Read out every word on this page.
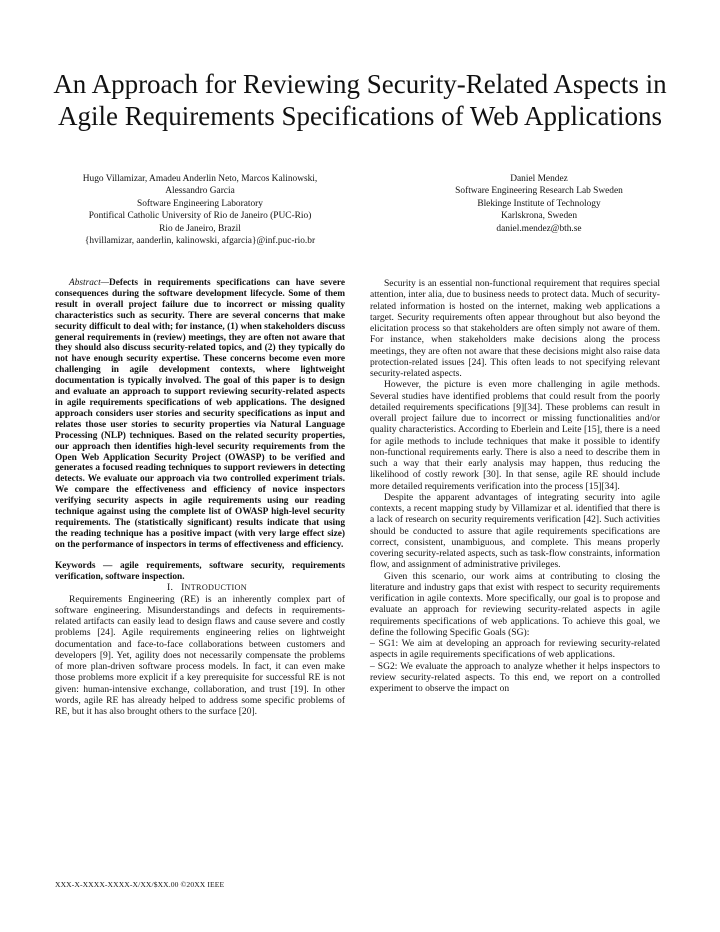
An Approach for Reviewing Security-Related Aspects in Agile Requirements Specifications of Web Applications
Hugo Villamizar, Amadeu Anderlin Neto, Marcos Kalinowski,
Alessandro Garcia
Software Engineering Laboratory
Pontifical Catholic University of Rio de Janeiro (PUC-Rio)
Rio de Janeiro, Brazil
{hvillamizar, aanderlin, kalinowski, afgarcia}@inf.puc-rio.br
Daniel Mendez
Software Engineering Research Lab Sweden
Blekinge Institute of Technology
Karlskrona, Sweden
daniel.mendez@bth.se

Abstract—Defects in requirements specifications can have severe consequences during the software development lifecycle. Some of them result in overall project failure due to incorrect or missing quality characteristics such as security. There are several concerns that make security difficult to deal with; for instance, (1) when stakeholders discuss general requirements in (review) meetings, they are often not aware that they should also discuss security-related topics, and (2) they typically do not have enough security expertise. These concerns become even more challenging in agile development contexts, where lightweight documentation is typically involved. The goal of this paper is to design and evaluate an approach to support reviewing security-related aspects in agile requirements specifications of web applications. The designed approach considers user stories and security specifications as input and relates those user stories to security properties via Natural Language Processing (NLP) techniques. Based on the related security properties, our approach then identifies high-level security requirements from the Open Web Application Security Project (OWASP) to be verified and generates a focused reading techniques to support reviewers in detecting detects. We evaluate our approach via two controlled experiment trials. We compare the effectiveness and efficiency of novice inspectors verifying security aspects in agile requirements using our reading technique against using the complete list of OWASP high-level security requirements. The (statistically significant) results indicate that using the reading technique has a positive impact (with very large effect size) on the performance of inspectors in terms of effectiveness and efficiency.

Keywords — agile requirements, software security, requirements verification, software inspection.

I. INTRODUCTION

Requirements Engineering (RE) is an inherently complex part of software engineering. Misunderstandings and defects in requirements-related artifacts can easily lead to design flaws and cause severe and costly problems [24]. Agile requirements engineering relies on lightweight documentation and face-to-face collaborations between customers and developers [9]. Yet, agility does not necessarily compensate the problems of more plan-driven software process models. In fact, it can even make those problems more explicit if a key prerequisite for successful RE is not given: human-intensive exchange, collaboration, and trust [19]. In other words, agile RE has already helped to address some specific problems of RE, but it has also brought others to the surface [20].

Security is an essential non-functional requirement that requires special attention, inter alia, due to business needs to protect data. Much of security-related information is hosted on the internet, making web applications a target. Security requirements often appear throughout but also beyond the elicitation process so that stakeholders are often simply not aware of them. For instance, when stakeholders make decisions along the process meetings, they are often not aware that these decisions might also raise data protection-related issues [24]. This often leads to not specifying relevant security-related aspects.

However, the picture is even more challenging in agile methods. Several studies have identified problems that could result from the poorly detailed requirements specifications [9][34]. These problems can result in overall project failure due to incorrect or missing functionalities and/or quality characteristics. According to Eberlein and Leite [15], there is a need for agile methods to include techniques that make it possible to identify non-functional requirements early. There is also a need to describe them in such a way that their early analysis may happen, thus reducing the likelihood of costly rework [30]. In that sense, agile RE should include more detailed requirements verification into the process [15][34].

Despite the apparent advantages of integrating security into agile contexts, a recent mapping study by Villamizar et al. identified that there is a lack of research on security requirements verification [42]. Such activities should be conducted to assure that agile requirements specifications are correct, consistent, unambiguous, and complete. This means properly covering security-related aspects, such as task-flow constraints, information flow, and assignment of administrative privileges.

Given this scenario, our work aims at contributing to closing the literature and industry gaps that exist with respect to security requirements verification in agile contexts. More specifically, our goal is to propose and evaluate an approach for reviewing security-related aspects in agile requirements specifications of web applications. To achieve this goal, we define the following Specific Goals (SG):

– SG1: We aim at developing an approach for reviewing security-related aspects in agile requirements specifications of web applications.

– SG2: We evaluate the approach to analyze whether it helps inspectors to review security-related aspects. To this end, we report on a controlled experiment to observe the impact on

XXX-X-XXXX-XXXX-X/XX/$XX.00 ©20XX IEEE
